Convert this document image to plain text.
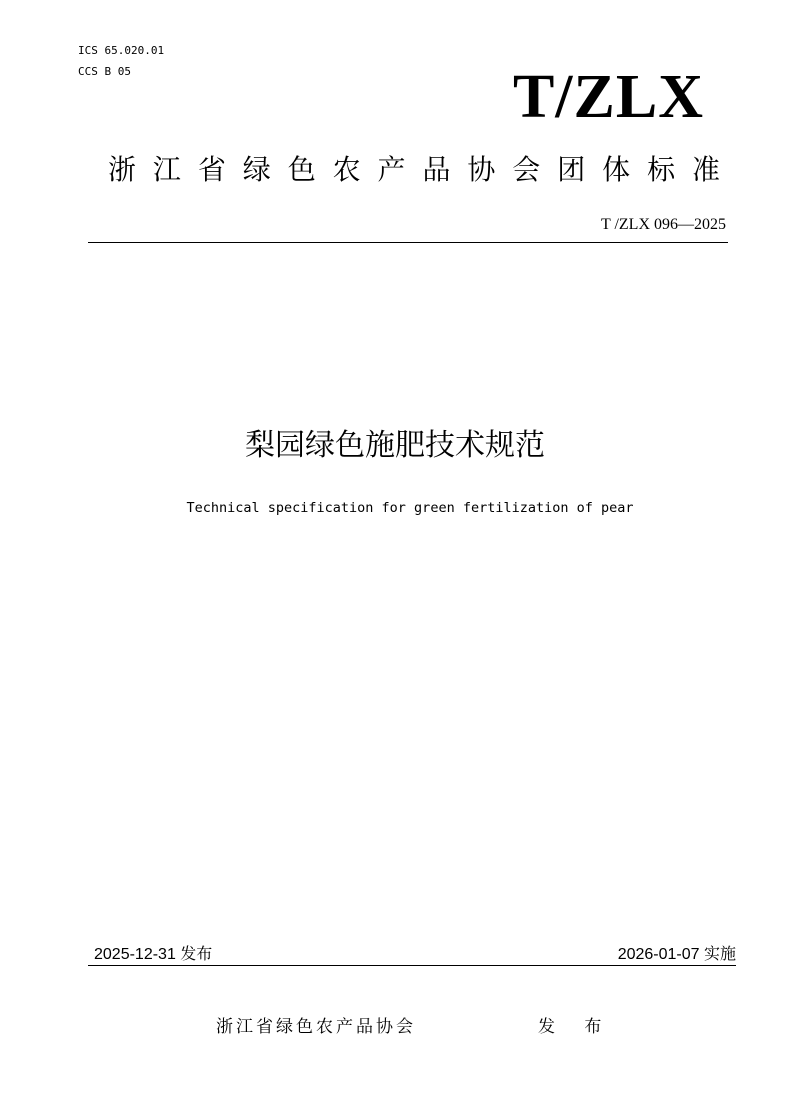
ICS 65.020.01
CCS B 05	T/ZLX
浙 江 省 绿 色 农 产 品 协 会 团 体 标 准
T /ZLX 096—2025
梨园绿色施肥技术规范
Technical specification for green fertilization of pear
2025-12-31 发布	2026-01-07 实施
浙江省绿色农产品协会	发 布
